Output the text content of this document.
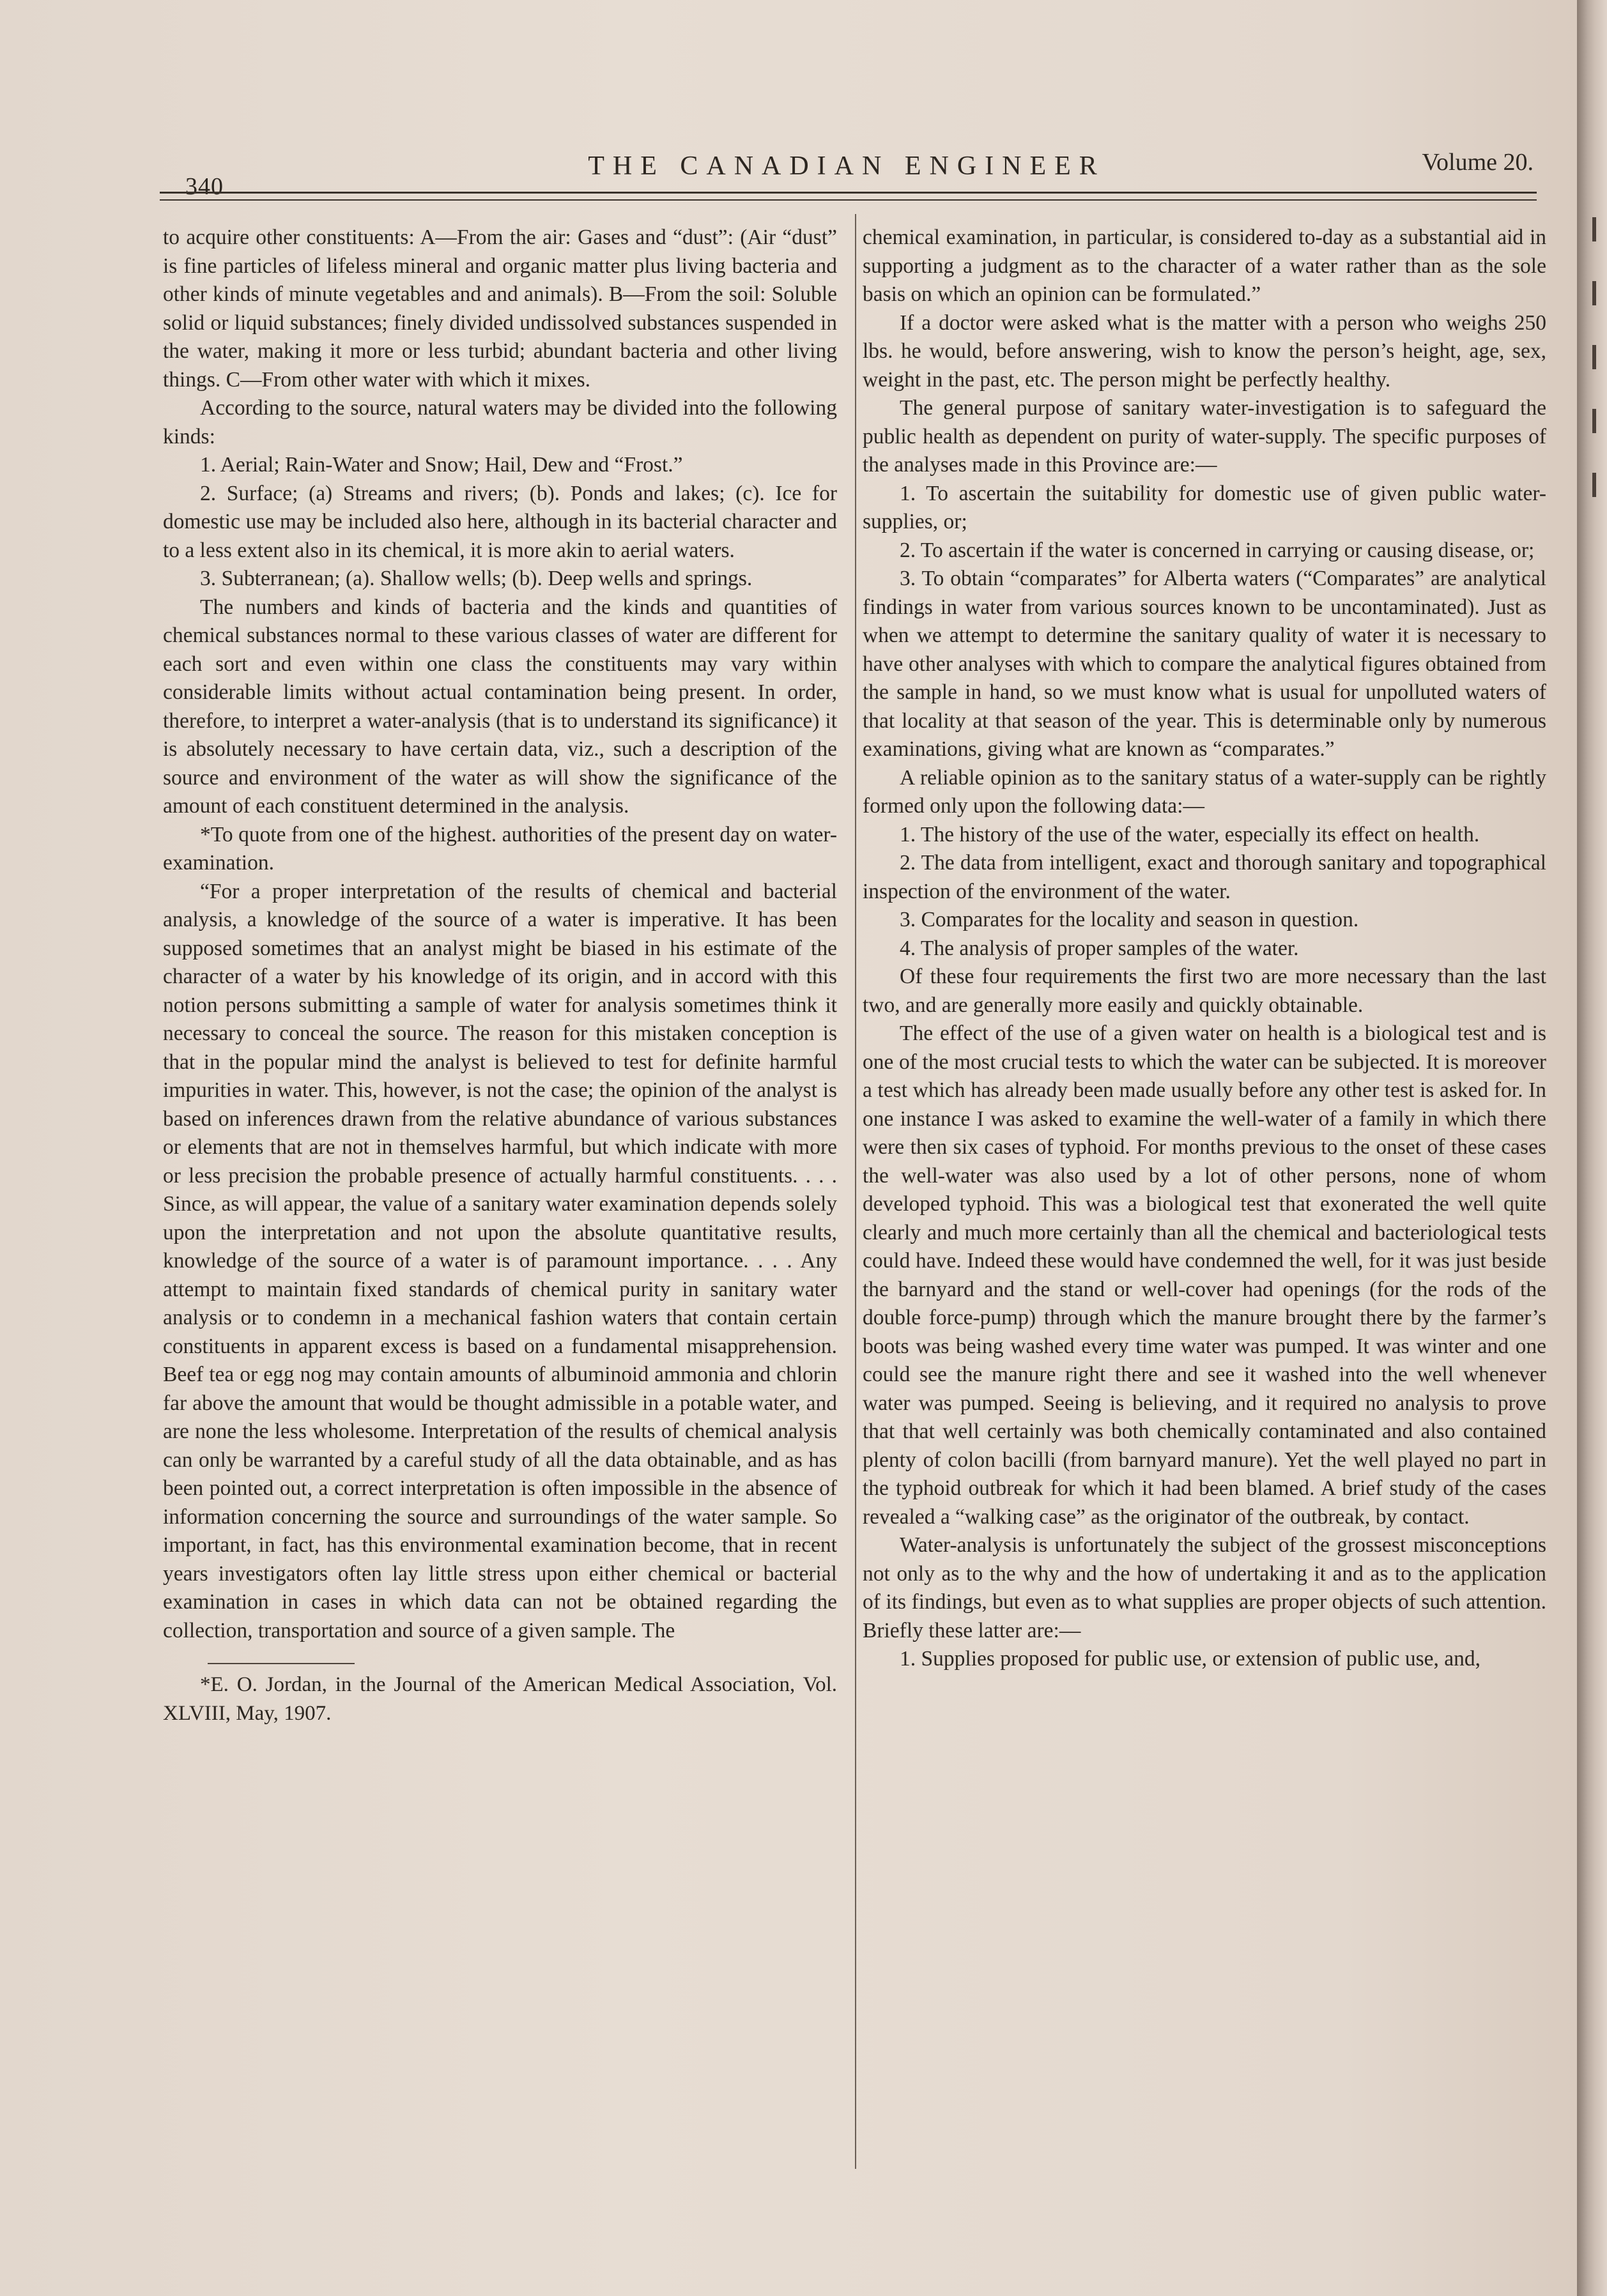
340
THE CANADIAN ENGINEER	Volume 20.

to acquire other constituents: A—From the air: Gases and “dust”: (Air “dust” is fine particles of lifeless mineral and organic matter plus living bacteria and other kinds of minute vegetables and and animals). B—From the soil: Soluble solid or liquid substances; finely divided undissolved substances suspended in the water, making it more or less turbid; abundant bacteria and other living things. C—From other water with which it mixes.

According to the source, natural waters may be divided into the following kinds:

1. Aerial; Rain-Water and Snow; Hail, Dew and “Frost.”

2. Surface; (a) Streams and rivers; (b). Ponds and lakes; (c). Ice for domestic use may be included also here, although in its bacterial character and to a less extent also in its chemical, it is more akin to aerial waters.

3. Subterranean; (a). Shallow wells; (b). Deep wells and springs.

The numbers and kinds of bacteria and the kinds and quantities of chemical substances normal to these various classes of water are different for each sort and even within one class the constituents may vary within considerable limits without actual contamination being present. In order, therefore, to interpret a water-analysis (that is to understand its significance) it is absolutely necessary to have certain data, viz., such a description of the source and environment of the water as will show the significance of the amount of each constituent determined in the analysis.

*To quote from one of the highest. authorities of the present day on water-examination.

“For a proper interpretation of the results of chemical and bacterial analysis, a knowledge of the source of a water is imperative. It has been supposed sometimes that an analyst might be biased in his estimate of the character of a water by his knowledge of its origin, and in accord with this notion persons submitting a sample of water for analysis sometimes think it necessary to conceal the source. The reason for this mistaken conception is that in the popular mind the analyst is believed to test for definite harmful impurities in water. This, however, is not the case; the opinion of the analyst is based on inferences drawn from the relative abundance of various substances or elements that are not in themselves harmful, but which indicate with more or less precision the probable presence of actually harmful constituents. . . . Since, as will appear, the value of a sanitary water examination depends solely upon the interpretation and not upon the absolute quantitative results, knowledge of the source of a water is of paramount importance. . . . Any attempt to maintain fixed standards of chemical purity in sanitary water analysis or to condemn in a mechanical fashion waters that contain certain constituents in apparent excess is based on a fundamental misapprehension. Beef tea or egg nog may contain amounts of albuminoid ammonia and chlorin far above the amount that would be thought admissible in a potable water, and are none the less wholesome. Interpretation of the results of chemical analysis can only be warranted by a careful study of all the data obtainable, and as has been pointed out, a correct interpretation is often impossible in the absence of information concerning the source and surroundings of the water sample. So important, in fact, has this environmental examination become, that in recent years investigators often lay little stress upon either chemical or bacterial examination in cases in which data can not be obtained regarding the collection, transportation and source of a given sample. The

*E. O. Jordan, in the Journal of the American Medical Association, Vol. XLVIII, May, 1907.

chemical examination, in particular, is considered to-day as a substantial aid in supporting a judgment as to the character of a water rather than as the sole basis on which an opinion can be formulated.”

If a doctor were asked what is the matter with a person who weighs 250 lbs. he would, before answering, wish to know the person’s height, age, sex, weight in the past, etc. The person might be perfectly healthy.

The general purpose of sanitary water-investigation is to safeguard the public health as dependent on purity of water-supply. The specific purposes of the analyses made in this Province are:—

1. To ascertain the suitability for domestic use of given public water-supplies, or;

2. To ascertain if the water is concerned in carrying or causing disease, or;

3. To obtain “comparates” for Alberta waters (“Comparates” are analytical findings in water from various sources known to be uncontaminated). Just as when we attempt to determine the sanitary quality of water it is necessary to have other analyses with which to compare the analytical figures obtained from the sample in hand, so we must know what is usual for unpolluted waters of that locality at that season of the year. This is determinable only by numerous examinations, giving what are known as “comparates.”

A reliable opinion as to the sanitary status of a water-supply can be rightly formed only upon the following data:—

1. The history of the use of the water, especially its effect on health.

2. The data from intelligent, exact and thorough sanitary and topographical inspection of the environment of the water.

3. Comparates for the locality and season in question.

4. The analysis of proper samples of the water.

Of these four requirements the first two are more necessary than the last two, and are generally more easily and quickly obtainable.

The effect of the use of a given water on health is a biological test and is one of the most crucial tests to which the water can be subjected. It is moreover a test which has already been made usually before any other test is asked for. In one instance I was asked to examine the well-water of a family in which there were then six cases of typhoid. For months previous to the onset of these cases the well-water was also used by a lot of other persons, none of whom developed typhoid. This was a biological test that exonerated the well quite clearly and much more certainly than all the chemical and bacteriological tests could have. Indeed these would have condemned the well, for it was just beside the barnyard and the stand or well-cover had openings (for the rods of the double force-pump) through which the manure brought there by the farmer’s boots was being washed every time water was pumped. It was winter and one could see the manure right there and see it washed into the well whenever water was pumped. Seeing is believing, and it required no analysis to prove that that well certainly was both chemically contaminated and also contained plenty of colon bacilli (from barnyard manure). Yet the well played no part in the typhoid outbreak for which it had been blamed. A brief study of the cases revealed a “walking case” as the originator of the outbreak, by contact.

Water-analysis is unfortunately the subject of the grossest misconceptions not only as to the why and the how of undertaking it and as to the application of its findings, but even as to what supplies are proper objects of such attention. Briefly these latter are:—

1. Supplies proposed for public use, or extension of public use, and,
